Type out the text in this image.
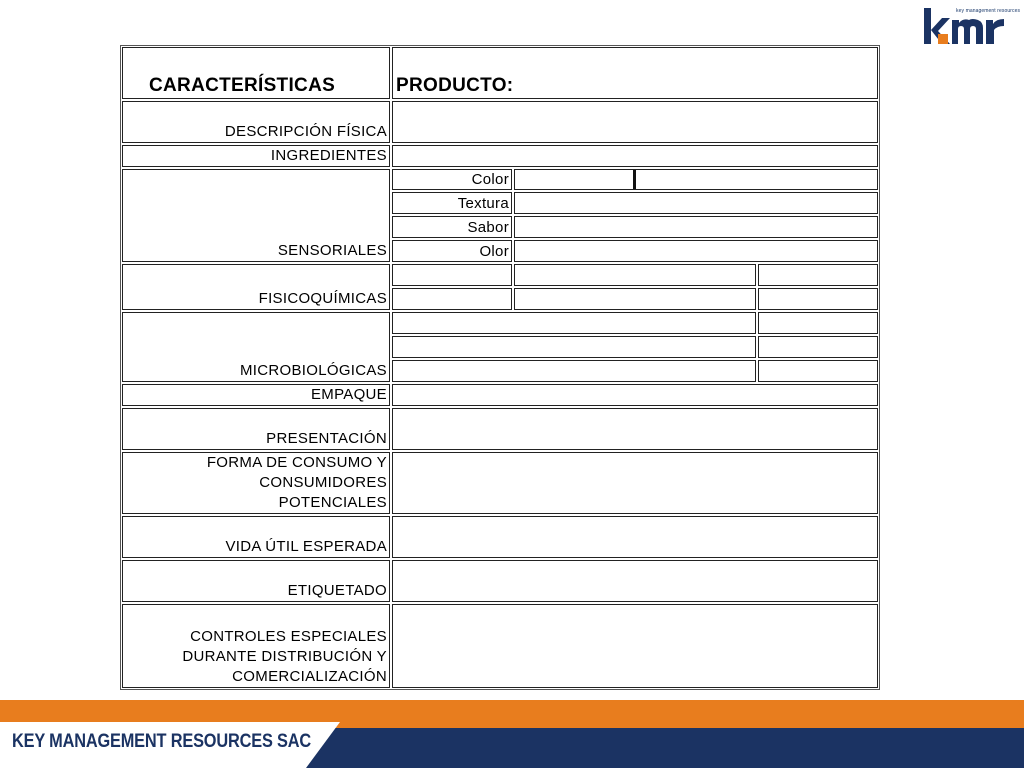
key management resources
CARACTERÍSTICAS	PRODUCTO:
DESCRIPCIÓN FÍSICA
INGREDIENTES
SENSORIALES
Color
Textura
Sabor
Olor
FISICOQUÍMICAS
MICROBIOLÓGICAS
EMPAQUE
PRESENTACIÓN
FORMA DE CONSUMO Y
CONSUMIDORES
POTENCIALES
VIDA ÚTIL ESPERADA
ETIQUETADO
CONTROLES ESPECIALES
DURANTE DISTRIBUCIÓN Y
COMERCIALIZACIÓN
KEY MANAGEMENT RESOURCES SAC
